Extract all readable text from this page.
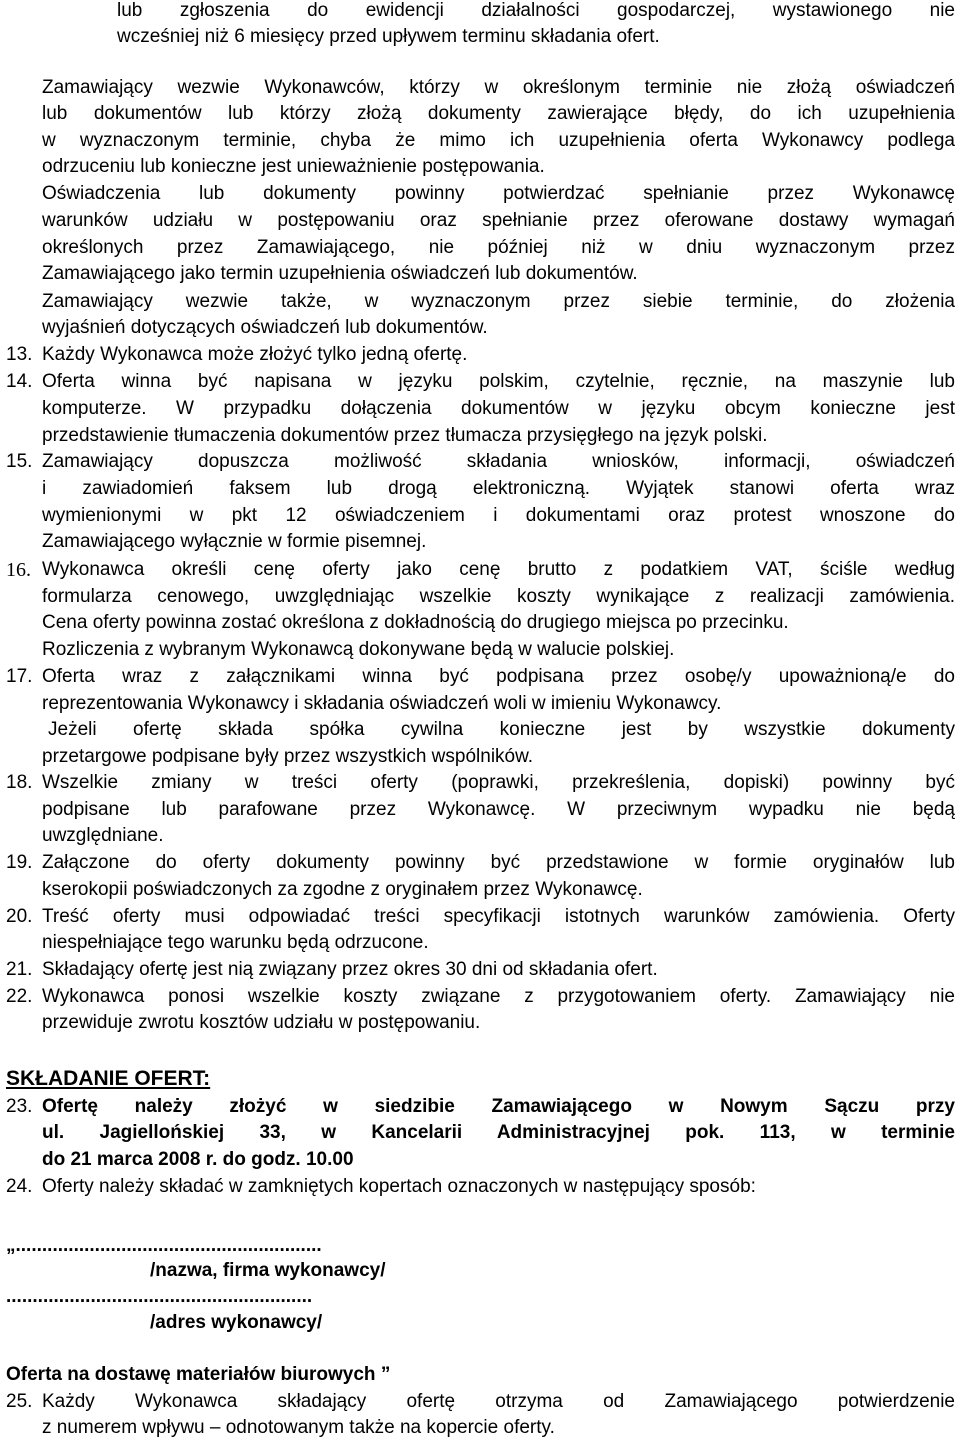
lub zgłoszenia do ewidencji działalności gospodarczej, wystawionego nie
wcześniej niż 6 miesięcy przed upływem terminu składania ofert.
Zamawiający wezwie Wykonawców, którzy w określonym terminie nie złożą oświadczeń
lub dokumentów lub którzy złożą dokumenty zawierające błędy, do ich uzupełnienia
w wyznaczonym terminie, chyba że mimo ich uzupełnienia oferta Wykonawcy podlega
odrzuceniu lub konieczne jest unieważnienie postępowania.
Oświadczenia lub dokumenty powinny potwierdzać spełnianie przez Wykonawcę
warunków udziału w postępowaniu oraz spełnianie przez oferowane dostawy wymagań
określonych przez Zamawiającego, nie później niż w dniu wyznaczonym przez
Zamawiającego jako termin uzupełnienia oświadczeń lub dokumentów.
Zamawiający wezwie także, w wyznaczonym przez siebie terminie, do złożenia
wyjaśnień dotyczących oświadczeń lub dokumentów.
13. Każdy Wykonawca może złożyć tylko jedną ofertę.
14. Oferta winna być napisana w języku polskim, czytelnie, ręcznie, na maszynie lub
komputerze. W przypadku dołączenia dokumentów w języku obcym konieczne jest
przedstawienie tłumaczenia dokumentów przez tłumacza przysięgłego na język polski.
15. Zamawiający dopuszcza możliwość składania wniosków, informacji, oświadczeń
i zawiadomień faksem lub drogą elektroniczną. Wyjątek stanowi oferta wraz
wymienionymi w pkt 12 oświadczeniem i dokumentami oraz protest wnoszone do
Zamawiającego wyłącznie w formie pisemnej.
16. Wykonawca określi cenę oferty jako cenę brutto z podatkiem VAT, ściśle według
formularza cenowego, uwzględniając wszelkie koszty wynikające z realizacji zamówienia.
Cena oferty powinna zostać określona z dokładnością do drugiego miejsca po przecinku.
Rozliczenia z wybranym Wykonawcą dokonywane będą w walucie polskiej.
17. Oferta wraz z załącznikami winna być podpisana przez osobę/y upoważnioną/e do
reprezentowania Wykonawcy i składania oświadczeń woli w imieniu Wykonawcy.
Jeżeli ofertę składa spółka cywilna konieczne jest by wszystkie dokumenty
przetargowe podpisane były przez wszystkich wspólników.
18. Wszelkie zmiany w treści oferty (poprawki, przekreślenia, dopiski) powinny być
podpisane lub parafowane przez Wykonawcę. W przeciwnym wypadku nie będą
uwzględniane.
19. Załączone do oferty dokumenty powinny być przedstawione w formie oryginałów lub
kserokopii poświadczonych za zgodne z oryginałem przez Wykonawcę.
20. Treść oferty musi odpowiadać treści specyfikacji istotnych warunków zamówienia. Oferty
niespełniające tego warunku będą odrzucone.
21. Składający ofertę jest nią związany przez okres 30 dni od składania ofert.
22. Wykonawca ponosi wszelkie koszty związane z przygotowaniem oferty. Zamawiający nie
przewiduje zwrotu kosztów udziału w postępowaniu.
SKŁADANIE OFERT:
23. Ofertę należy złożyć w siedzibie Zamawiającego w Nowym Sączu przy
ul. Jagiellońskiej 33, w Kancelarii Administracyjnej pok. 113, w terminie
do 21 marca 2008 r. do godz. 10.00
24. Oferty należy składać w zamkniętych kopertach oznaczonych w następujący sposób:
„..........................................................
/nazwa, firma wykonawcy/
..........................................................
/adres wykonawcy/
Oferta na dostawę materiałów biurowych ”
25. Każdy Wykonawca składający ofertę otrzyma od Zamawiającego potwierdzenie
z numerem wpływu – odnotowanym także na kopercie oferty.
